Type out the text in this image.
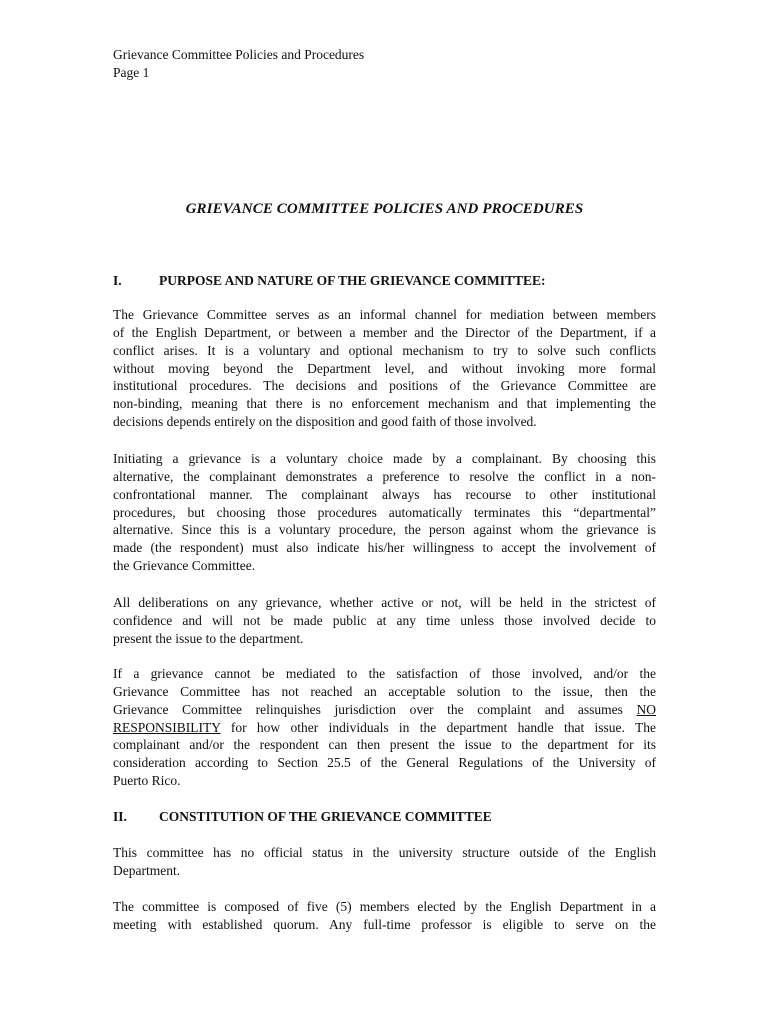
Grievance Committee Policies and Procedures
Page 1
GRIEVANCE COMMITTEE POLICIES AND PROCEDURES
I.	PURPOSE AND NATURE OF THE GRIEVANCE COMMITTEE:
The Grievance Committee serves as an informal channel for mediation between members
of the English Department, or between a member and the Director of the Department, if a
conflict arises. It is a voluntary and optional mechanism to try to solve such conflicts
without moving beyond the Department level, and without invoking more formal
institutional procedures. The decisions and positions of the Grievance Committee are
non-binding, meaning that there is no enforcement mechanism and that implementing the
decisions depends entirely on the disposition and good faith of those involved.
Initiating a grievance is a voluntary choice made by a complainant. By choosing this
alternative, the complainant demonstrates a preference to resolve the conflict in a non-
confrontational manner. The complainant always has recourse to other institutional
procedures, but choosing those procedures automatically terminates this “departmental”
alternative. Since this is a voluntary procedure, the person against whom the grievance is
made (the respondent) must also indicate his/her willingness to accept the involvement of
the Grievance Committee.
All deliberations on any grievance, whether active or not, will be held in the strictest of
confidence and will not be made public at any time unless those involved decide to
present the issue to the department.
If a grievance cannot be mediated to the satisfaction of those involved, and/or the
Grievance Committee has not reached an acceptable solution to the issue, then the
Grievance Committee relinquishes jurisdiction over the complaint and assumes NO
RESPONSIBILITY for how other individuals in the department handle that issue. The
complainant and/or the respondent can then present the issue to the department for its
consideration according to Section 25.5 of the General Regulations of the University of
Puerto Rico.
II. CONSTITUTION OF THE GRIEVANCE COMMITTEE
This committee has no official status in the university structure outside of the English
Department.
The committee is composed of five (5) members elected by the English Department in a
meeting with established quorum. Any full-time professor is eligible to serve on the
